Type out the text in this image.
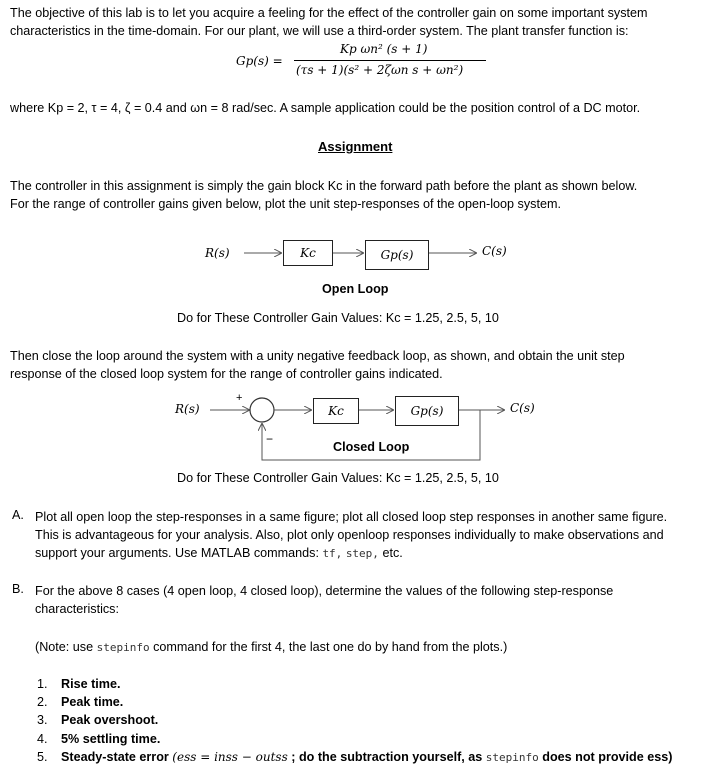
The objective of this lab is to let you acquire a feeling for the effect of the controller gain on some important system
characteristics in the time-domain. For our plant, we will use a third-order system. The plant transfer function is:
Gp(s) =
Kp ωn² (s + 1)
(τs + 1)(s² + 2ζωn s + ωn²)
where Kp = 2, τ = 4, ζ = 0.4 and ωn = 8 rad/sec. A sample application could be the position control of a DC motor.
Assignment
The controller in this assignment is simply the gain block Kc in the forward path before the plant as shown below.
For the range of controller gains given below, plot the unit step-responses of the open-loop system.
R(s)	Kc	Gp(s)	C(s)
Open Loop
Do for These Controller Gain Values: Kc = 1.25, 2.5, 5, 10
Then close the loop around the system with a unity negative feedback loop, as shown, and obtain the unit step
response of the closed loop system for the range of controller gains indicated.
R(s)
+
−
Kc	Gp(s)	C(s)
Closed Loop
Do for These Controller Gain Values: Kc = 1.25, 2.5, 5, 10
A. Plot all open loop the step-responses in a same figure; plot all closed loop step responses in another same figure.
This is advantageous for your analysis. Also, plot only openloop responses individually to make observations and
support your arguments. Use MATLAB commands: tf, step, etc.
B. For the above 8 cases (4 open loop, 4 closed loop), determine the values of the following step-response
characteristics:
(Note: use stepinfo command for the first 4, the last one do by hand from the plots.)
1. Rise time.
2. Peak time.
3. Peak overshoot.
4. 5% settling time.
5. Steady-state error (ess = inss − outss ; do the subtraction yourself, as stepinfo does not provide ess)
